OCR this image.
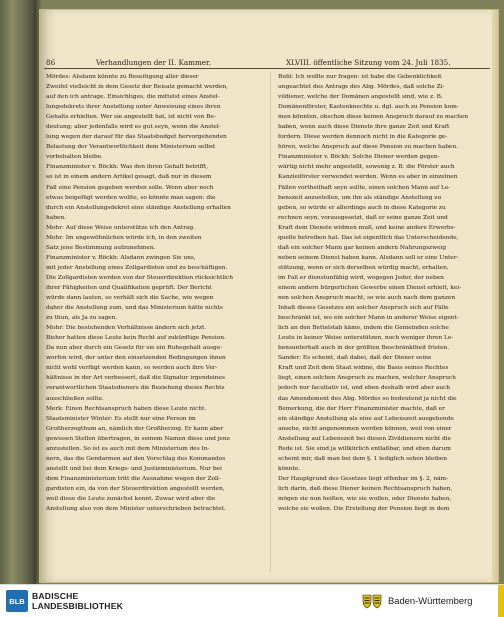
86	Verhandlungen der II. Kammer.	XLVIII. öffentliche Sitzung vom 24. Juli 1835.
Mördes: Alsdann könnte zu Beseitigung aller dieser
Zweifel vielleicht in dem Gesetz der Beisatz gemacht werden,
auf den ich antrage. Einsichtiges, die mittelst eines Anstel-
lungsdekrets ihrer Anstellung unter Anweisung eines ihren
Gehalts erhielten. Wer sie angestellt hat, ist nicht von Be-
deutung; aber jedenfalls wird es gut seyn, wenn die Anstel-
lung wegen der darauf für das Staatsbudget hervorgehenden
Belastung der Verantwortlichkeit dem Ministerium selbst
vorbehalten bleibe.
Finanzminister v. Böckh: Was den ihren Gehalt betrifft,
so ist in einem andern Artikel gesagt, daß nur in diesem
Fall eine Pension gegeben werden solle. Wenn aber noch
etwas beigefügt werden wollte, so könnte man sagen: die
durch ein Anstellungsdekret eine ständige Anstellung erhalten
haben.
Mohr: Auf diese Weise unterstütze ich den Antrag.
Mohr: Im ungewöhnlichen würde ich, in den zweiten
Satz jene Bestimmung aufzunehmen.
Finanzminister v. Böckh: Alsdann zwingen Sie uns,
mit jeder Anstellung eines Zollgardisten und zu beschäftigen.
Die Zollgardisten werden von der Steuerdirektion rücksichtlich
ihrer Fähigkeiten und Qualifikation geprüft. Der Bericht
würde dann lauten, so verhält sich die Sache, wie wegen
daher die Anstellung zum, und das Ministerium hätte nichts
zu thun, als Ja zu sagen.
Mohr: Die bestehenden Verhältnisse ändern sich jetzt.
Bisher hatten diese Leute kein Recht auf zukünftige Pension.
Da nun aber durch ein Gesetz für sie ein Ruhegehalt ausge-
worfen wird, der unter den einsetzenden Bedingungen ihnen
nicht wohl verfügt werden kann, so werden auch ihre Ver-
hältnisse in der Art verbessert, daß die Signatur irgendeines
verantwortlichen Staatsdieners die Beziehung dieses Rechts
ausschließen sollte.
Merk: Einen Rechtsanspruch haben diese Leute nicht.
Staatsminister Winter: Es stellt nur eine Person im
Großherzogthum an, nämlich der Großherzog. Er kann aber
gewissen Stellen übertragen, in seinem Namen diese und jene
anzustellen. So ist es auch mit dem Ministerium des In-
nern, das die Gendarmen auf den Vorschlag des Kommandos
anstellt und bei dem Kriegs- und Justizministerium. Nur bei
dem Finanzministerium tritt die Ausnahme wegen der Zoll-
gardisten ein, da von der Steuerdirektion angestellt werden,
weil diese die Leute zunächst kennt. Zuwar wird aber die
Anstellung also von dem Minister unterschrieben betrachtet.
Buhl: Ich wollte nur fragen: ist habe die Gebenklichkeit
ungeachtet des Antrags des Abg. Mördes, daß solche Zi-
vildiener, welche der Domänen angestellt sind, wie z. B.
Domänenförster, Kastenknechte u. dgl. auch zu Pension kom-
men könnten, obschon diese keinen Anspruch darauf zu machen
haben, wenn auch diese Dienste ihre ganze Zeit und Kraft
fordern. Diese werden dennoch nicht in die Kategorie ge-
hören, welche Anspruch auf diese Pension zu machen haben.
Finanzminister v. Böckh: Solche Diener werden gegen-
wärtig nicht mehr angestellt, sowenig z. B. die Förster auch
Kanzleiförster verwendet werden. Wenn es aber in einzelnen
Fällen vortheilhaft seyn sollte, einen solchen Mann auf Le-
benszeit anzustellen, um ihn als ständige Anstellung zu
geben, so würde er allerdings auch in diese Kategorie zu
rechnen seyn, vorausgesetzt, daß er seine ganze Zeit und
Kraft dem Dienste widmen muß, und keine andere Erwerbs-
quelle betreiben hat. Das ist eigentlich das Unterscheidende,
daß ein solcher Mann gar keinen andern Nahrungszweig
neben seinem Dienst haben kann. Alsdann soll er eine Unter-
stützung, wenn er sich derselben würdig macht, erhalten,
im Fall er dienstunfähig wird, wogegen Jeder, der neben
einem andern bürgerlichen Gewerbe einen Dienst erhielt, kei-
nen solchen Anspruch macht, so wie auch nach dem ganzen
Inhalt dieses Gesetzes ein solcher Anspruch sich auf Fälle
beschränkt ist, wo ein solcher Mann in anderer Weise eigent-
lich an den Bettelstab käme, indem die Gemeinden solche
Leute in keiner Weise unterstützen, noch weniger ihren Le-
bensunterhalt auch in der größten Beschränktheit fristen.
Sander: Es scheint, daß dabei, daß der Diener seine
Kraft und Zeit dem Staat widme, die Basis seines Rechtes
liegt, einen solchen Anspruch zu machen, welcher Anspruch
jedoch nur facultativ ist, und eben deshalb wird aber auch
das Amendement des Abg. Mördes so bedeutend ja nicht die
Bemerkung, die der Herr Finanzminister machte, daß er
ein ständige Anstellung als eine auf Lebenszeit ausgehende
ansehe, nicht angenommen werden können, weil von einer
Anstellung auf Lebenszeit bei diesen Zivildienern nicht die
Rede ist. Sie sind ja willkürlich entlaßbar, und eben darum
scheint mir, daß man bei dem §. 1 lediglich sehen bleiben
könnte.
Der Hauptgrund des Gesetzes liegt offenbar im §. 2, näm-
lich darin, daß diese Diener keinen Rechtsanspruch haben,
mögen sie nun heißen, wie sie wollen, oder Dienste haben,
welche sie wollen. Die Erstellung der Pension liegt in dem
BLB BADISCHE
LANDESBIBLIOTHEK	Baden-Württemberg
